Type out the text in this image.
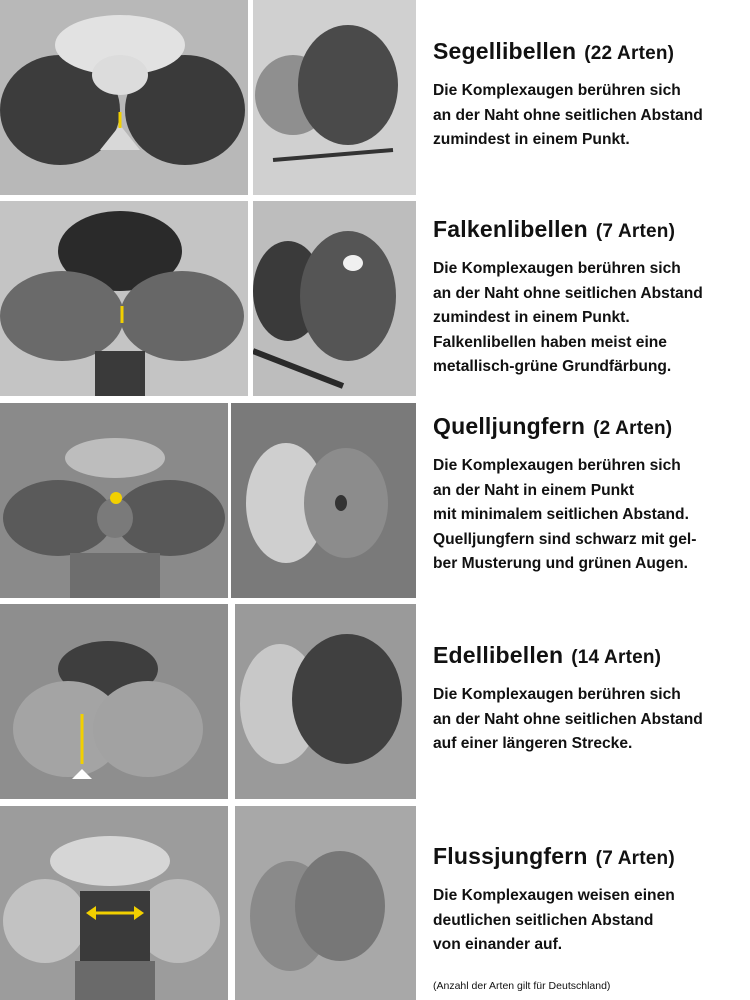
Segellibellen (22 Arten)
Die Komplexaugen berühren sich
an der Naht ohne seitlichen Abstand
zumindest in einem Punkt.
Falkenlibellen (7 Arten)
Die Komplexaugen berühren sich
an der Naht ohne seitlichen Abstand
zumindest in einem Punkt.
Falkenlibellen haben meist eine
metallisch-grüne Grundfärbung.
Quelljungfern (2 Arten)
Die Komplexaugen berühren sich
an der Naht in einem Punkt
mit minimalem seitlichen Abstand.
Quelljungfern sind schwarz mit gel-
ber Musterung und grünen Augen.
Edellibellen (14 Arten)
Die Komplexaugen berühren sich
an der Naht ohne seitlichen Abstand
auf einer längeren Strecke.
Flussjungfern (7 Arten)
Die Komplexaugen weisen einen
deutlichen seitlichen Abstand
von einander auf.
(Anzahl der Arten gilt für Deutschland)
